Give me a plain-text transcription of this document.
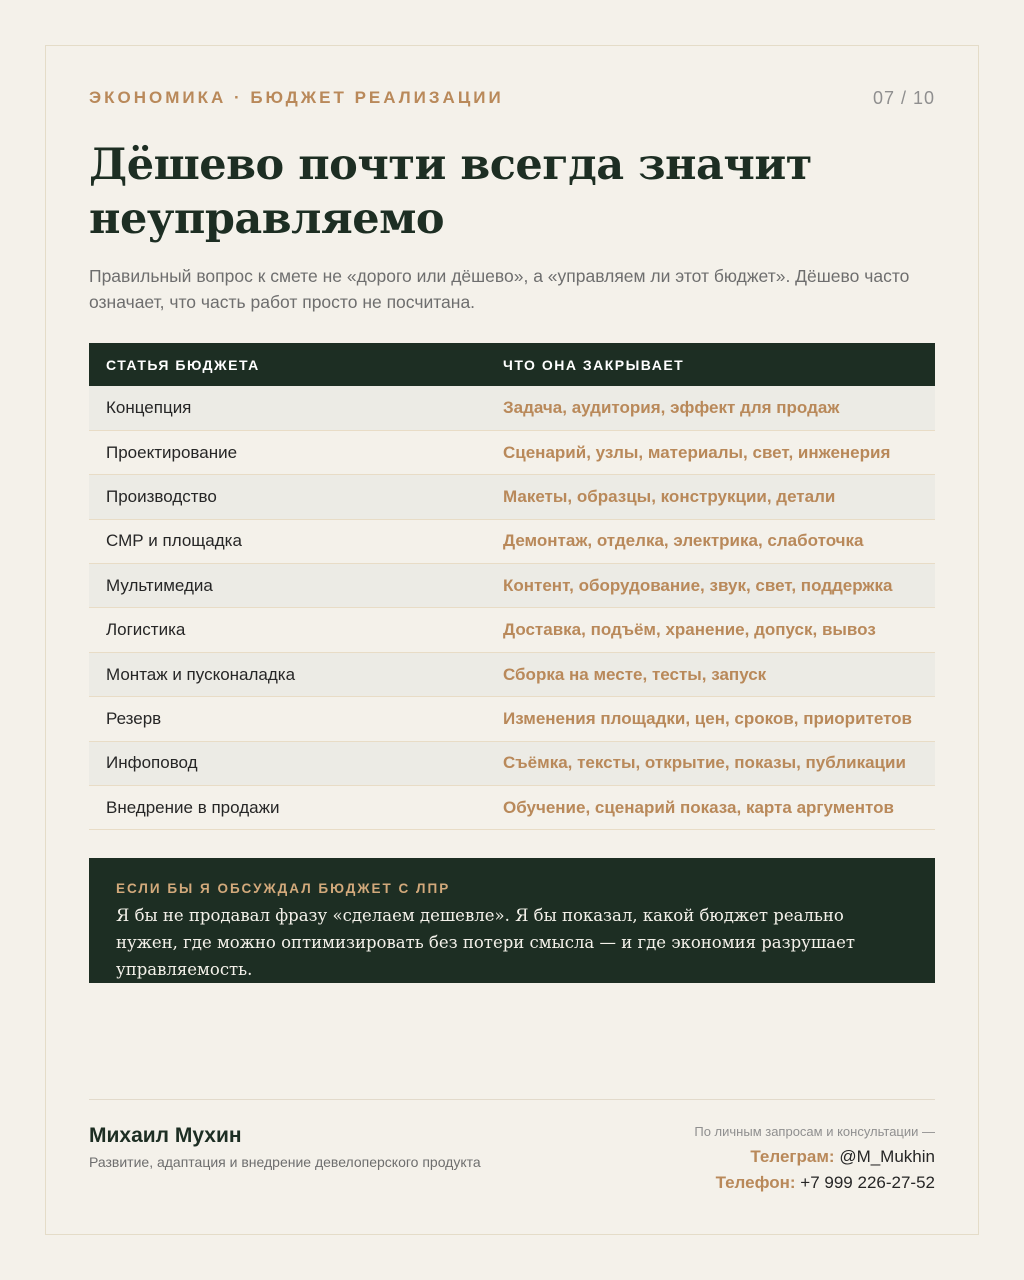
ЭКОНОМИКА · БЮДЖЕТ РЕАЛИЗАЦИИ	07 / 10
Дёшево почти всегда значит неуправляемо

Правильный вопрос к смете не «дорого или дёшево», а «управляем ли этот бюджет». Дёшево часто означает, что часть работ просто не посчитана.

СТАТЬЯ БЮДЖЕТА	ЧТО ОНА ЗАКРЫВАЕТ
Концепция	Задача, аудитория, эффект для продаж
Проектирование	Сценарий, узлы, материалы, свет, инженерия
Производство	Макеты, образцы, конструкции, детали
СМР и площадка	Демонтаж, отделка, электрика, слаботочка
Мультимедиа	Контент, оборудование, звук, свет, поддержка
Логистика	Доставка, подъём, хранение, допуск, вывоз
Монтаж и пусконаладка	Сборка на месте, тесты, запуск
Резерв	Изменения площадки, цен, сроков, приоритетов
Инфоповод	Съёмка, тексты, открытие, показы, публикации
Внедрение в продажи	Обучение, сценарий показа, карта аргументов
ЕСЛИ БЫ Я ОБСУЖДАЛ БЮДЖЕТ С ЛПР
Я бы не продавал фразу «сделаем дешевле». Я бы показал, какой бюджет реально нужен, где можно оптимизировать без потери смысла — и где экономия разрушает управляемость.
Михаил Мухин
Развитие, адаптация и внедрение девелоперского продукта
По личным запросам и консультации —
Телеграм: @M_Mukhin
Телефон: +7 999 226-27-52
